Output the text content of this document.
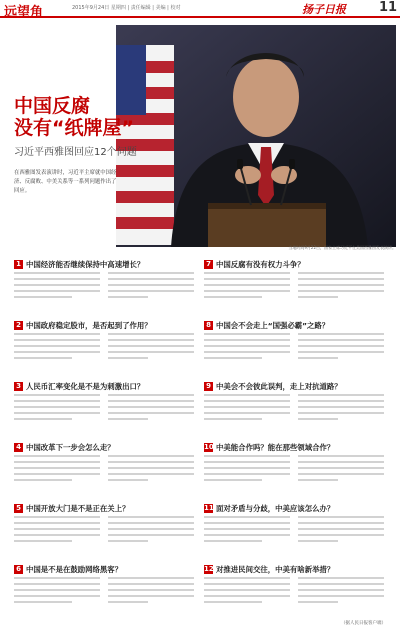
远望角	2015年9月24日 星期四 | 责任编辑 | 美编 | 校对	扬子日报	11
当地时间9月22日，国家主席习近平在美国西雅图发表演讲。
中国反腐
没有“纸牌屋”
习近平西雅图回应12个问题
在西雅图发表演讲时，习近平主席就中国经济、反腐败、中美关系等一系列问题作出了回应。
1 中国经济能否继续保持中高速增长？
2 中国政府稳定股市，是否起到了作用？
3 人民币汇率变化是不是为刺激出口？
4 中国改革下一步会怎么走？
5 中国开放大门是不是正在关上？
6 中国是不是在鼓励网络黑客？
7 中国反腐有没有权力斗争？
8 中国会不会走上“国强必霸”之路？
9 中美会不会彼此误判，走上对抗道路？
10 中美能合作吗？能在那些领域合作？
11 面对矛盾与分歧，中美应该怎么办？
12 对推进民间交往，中美有啥新举措？
（据人民日报客户端）
